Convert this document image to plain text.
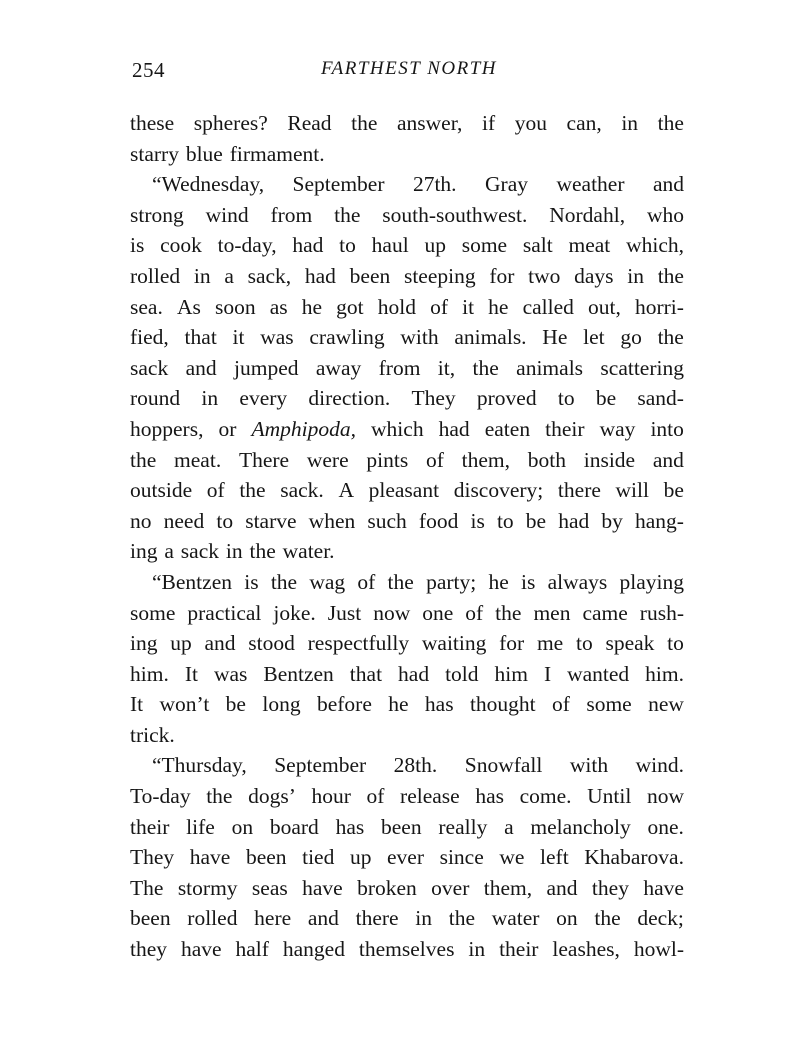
254	FARTHEST NORTH
these spheres? Read the answer, if you can, in the
starry blue firmament.
“Wednesday, September 27th. Gray weather and
strong wind from the south-southwest. Nordahl, who
is cook to-day, had to haul up some salt meat which,
rolled in a sack, had been steeping for two days in the
sea. As soon as he got hold of it he called out, horri-
fied, that it was crawling with animals. He let go the
sack and jumped away from it, the animals scattering
round in every direction. They proved to be sand-
hoppers, or Amphipoda, which had eaten their way into
the meat. There were pints of them, both inside and
outside of the sack. A pleasant discovery; there will be
no need to starve when such food is to be had by hang-
ing a sack in the water.
“Bentzen is the wag of the party; he is always playing
some practical joke. Just now one of the men came rush-
ing up and stood respectfully waiting for me to speak to
him. It was Bentzen that had told him I wanted him.
It won’t be long before he has thought of some new
trick.
“Thursday, September 28th. Snowfall with wind.
To-day the dogs’ hour of release has come. Until now
their life on board has been really a melancholy one.
They have been tied up ever since we left Khabarova.
The stormy seas have broken over them, and they have
been rolled here and there in the water on the deck;
they have half hanged themselves in their leashes, howl-
